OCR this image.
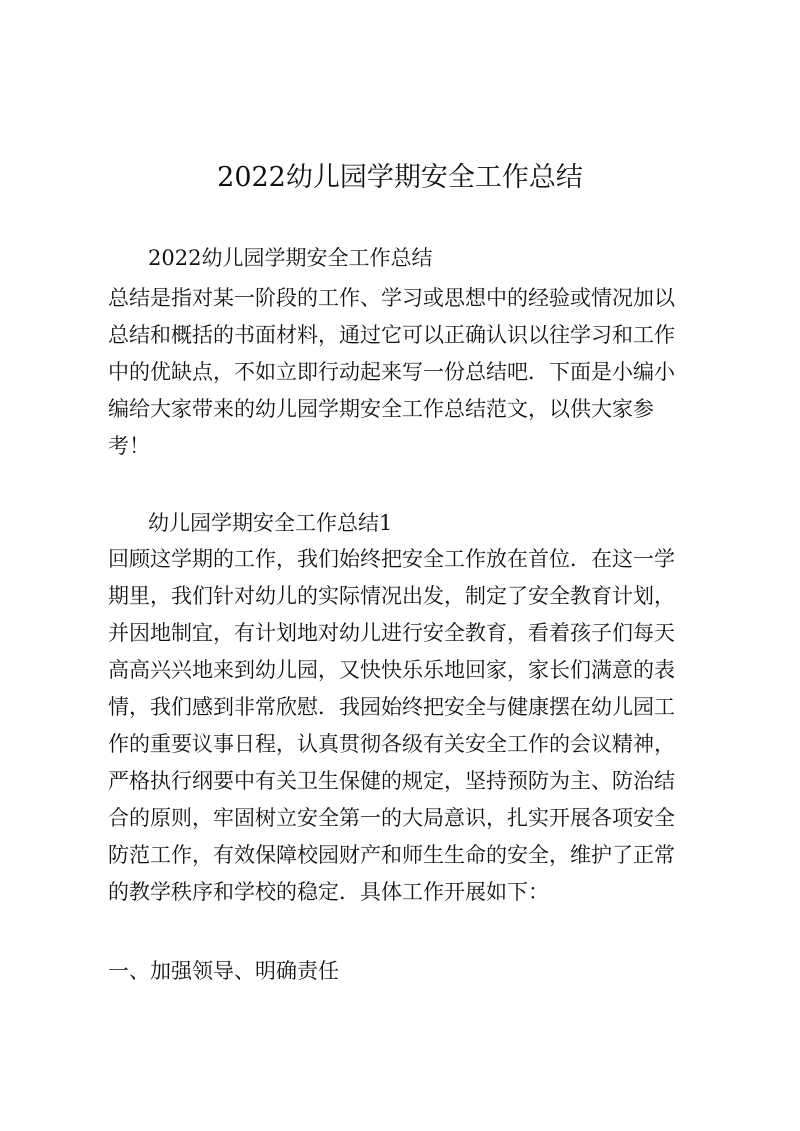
2022幼儿园学期安全工作总结

2022幼儿园学期安全工作总结

总结是指对某一阶段的工作、学习或思想中的经验或情况加以
总结和概括的书面材料，通过它可以正确认识以往学习和工作
中的优缺点，不如立即行动起来写一份总结吧．下面是小编小
编给大家带来的幼儿园学期安全工作总结范文，以供大家参
考！

幼儿园学期安全工作总结1

回顾这学期的工作，我们始终把安全工作放在首位．在这一学
期里，我们针对幼儿的实际情况出发，制定了安全教育计划，
并因地制宜，有计划地对幼儿进行安全教育，看着孩子们每天
高高兴兴地来到幼儿园，又快快乐乐地回家，家长们满意的表
情，我们感到非常欣慰．我园始终把安全与健康摆在幼儿园工
作的重要议事日程，认真贯彻各级有关安全工作的会议精神，
严格执行纲要中有关卫生保健的规定，坚持预防为主、防治结
合的原则，牢固树立安全第一的大局意识，扎实开展各项安全
防范工作，有效保障校园财产和师生生命的安全，维护了正常
的教学秩序和学校的稳定．具体工作开展如下：

一、加强领导、明确责任
